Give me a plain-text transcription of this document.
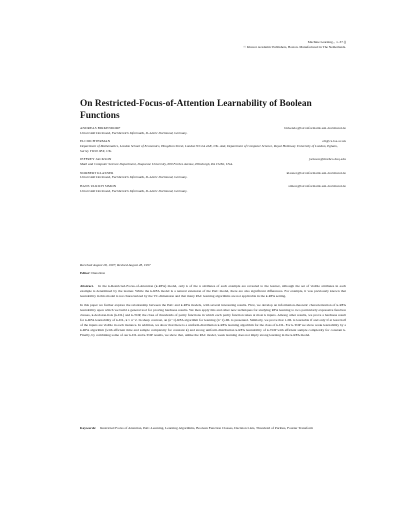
Machine Learning, , 1–37 ()
© Kluwer Academic Publishers, Boston. Manufactured in The Netherlands.
On Restricted-Focus-of-Attention Learnability of Boolean Functions
ANDREAS BIRKENDORF	birkendo@ls2.informatik.uni-dortmund.de
Universität Dortmund, Fachbereich Informatik, D-44221 Dortmund, Germany.
ELI DICHTERMAN	eli@cs.lse.ac.uk
Department of Mathematics, London School of Economics, Houghton Street, London WC2A 2AE, UK. And, Department of Computer Science, Royal Holloway University of London, Egham, Surrey TW20 0EX, UK.
JEFFREY JACKSON	jackson@mathcs.duq.edu
Math and Computer Science Department, Duquesne University, 600 Forbes Avenue, Pittsburgh, PA 15282, USA.
NORBERT KLASNER	klasner@ls2.informatik.uni-dortmund.de
Universität Dortmund, Fachbereich Informatik, D-44221 Dortmund, Germany.
HANS ULRICH SIMON	simon@ls2.informatik.uni-dortmund.de
Universität Dortmund, Fachbereich Informatik, D-44221 Dortmund, Germany.
Received August 28, 1997; Revised August 28, 1997
Editor: Dana Ron

Abstract. In the k-Restricted-Focus-of-Attention (k-RFA) model, only k of the n attributes of each example are revealed to the learner, although the set of visible attributes in each example is determined by the learner. While the k-RFA model is a natural extension of the PAC model, there are also significant differences. For example, it was previously known that learnability in this model is not characterized by the VC-dimension and that many PAC learning algorithms are not applicable in the k-RFA setting.

In this paper we further explore the relationship between the PAC and k-RFA models, with several interesting results. First, we develop an information-theoretic characterization of k-RFA learnability upon which we build a general tool for proving hardness results. We then apply this and other new techniques for studying RFA learning to two particularly expressive function classes, k-decision-lists (k-DL) and k-TOP, the class of thresholds of parity functions in which each parity function takes at most k inputs. Among other results, we prove a hardness result for k-RFA learnability of k-DL, k ≤ n−2. In sharp contrast, an (n−1)-RFA algorithm for learning (n−1)-DL is presented. Similarly, we prove that 1-DL is learnable if and only if at least half of the inputs are visible in each instance. In addition, we show that there is a uniform-distribution k-RFA learning algorithm for the class of k-DL. For k-TOP we show weak learnability by a k-RFA algorithm (with efficient time and sample complexity for constant k) and strong uniform-distribution k-RFA learnability of k-TOP with efficient sample complexity for constant k. Finally, by combining some of our k-DL and k-TOP results, we show that, unlike the PAC model, weak learning does not imply strong learning in the k-RFA model.

Keywords: Restricted Focus of Attention, PAC-Learning, Learning Algorithms, Boolean Function Classes, Decision Lists, Threshold of Parities, Fourier Transform
